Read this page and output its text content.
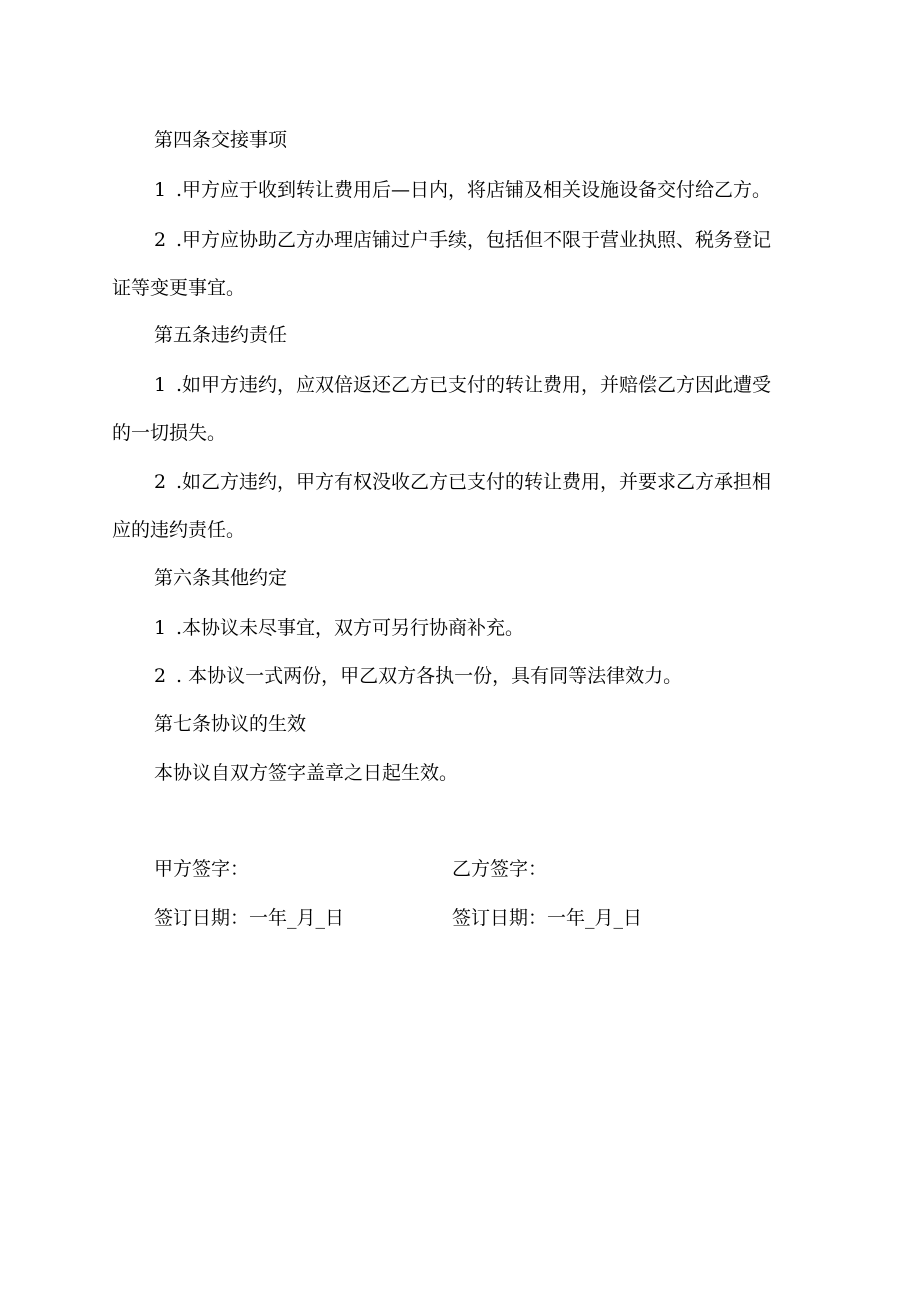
第四条交接事项
1 .甲方应于收到转让费用后—日内，将店铺及相关设施设备交付给乙方。
2 .甲方应协助乙方办理店铺过户手续，包括但不限于营业执照、税务登记
证等变更事宜。
第五条违约责任
1 .如甲方违约，应双倍返还乙方已支付的转让费用，并赔偿乙方因此遭受
的一切损失。
2 .如乙方违约，甲方有权没收乙方已支付的转让费用，并要求乙方承担相
应的违约责任。
第六条其他约定
1 .本协议未尽事宜，双方可另行协商补充。
2 . 本协议一式两份，甲乙双方各执一份，具有同等法律效力。
第七条协议的生效
本协议自双方签字盖章之日起生效。
甲方签字：	乙方签字：
签订日期：一年_月_日	签订日期：一年_月_日
